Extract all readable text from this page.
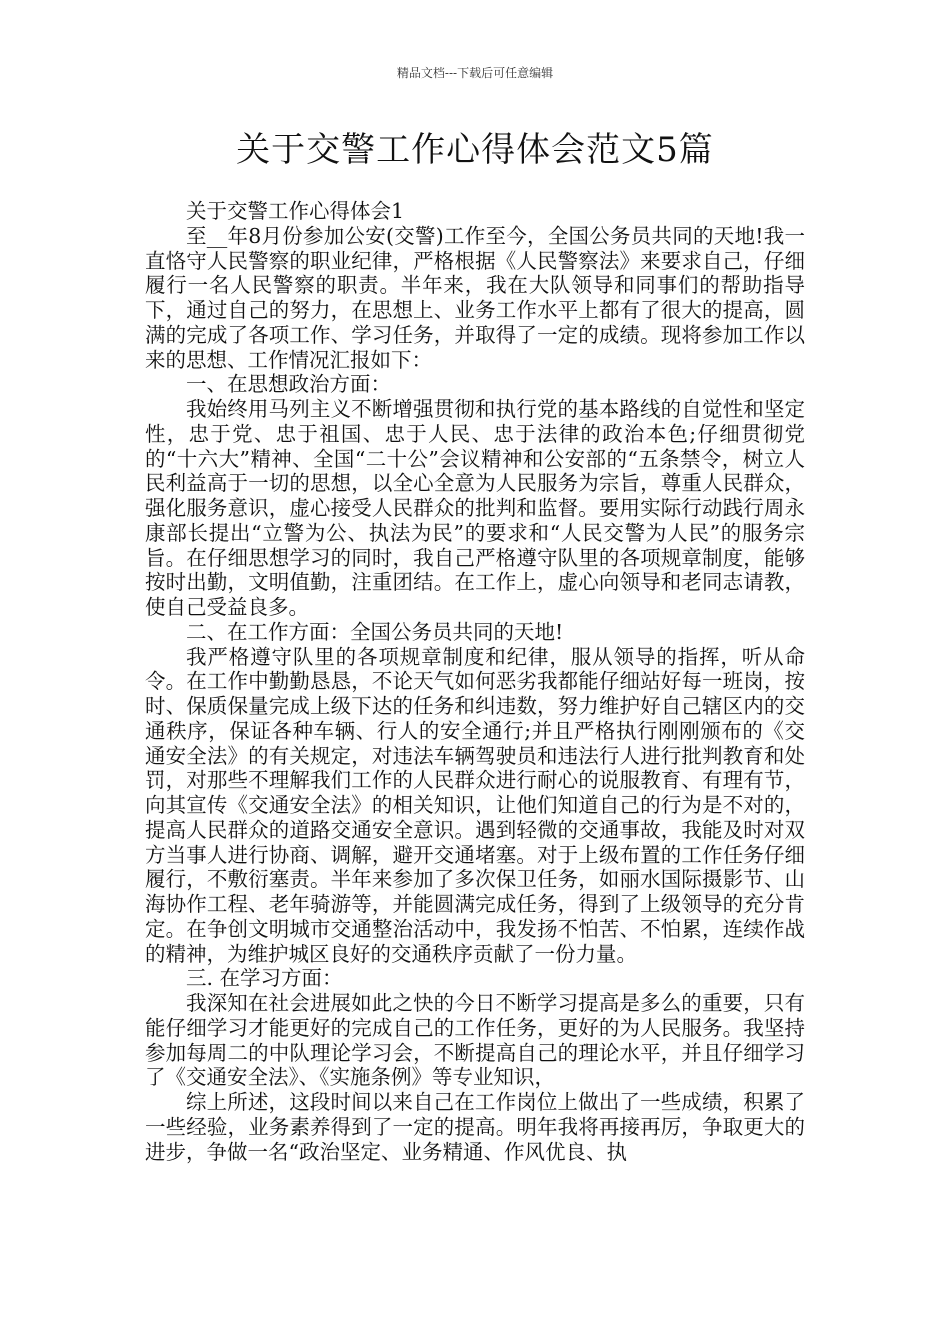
精品文档---下载后可任意编辑
关于交警工作心得体会范文5篇

关于交警工作心得体会1

至__年8月份参加公安(交警)工作至今，全国公务员共同的天地!我一直恪守人民警察的职业纪律，严格根据《人民警察法》来要求自己，仔细履行一名人民警察的职责。半年来，我在大队领导和同事们的帮助指导下，通过自己的努力，在思想上、业务工作水平上都有了很大的提高，圆满的完成了各项工作、学习任务，并取得了一定的成绩。现将参加工作以来的思想、工作情况汇报如下：

一、在思想政治方面：

我始终用马列主义不断增强贯彻和执行党的基本路线的自觉性和坚定性，忠于党、忠于祖国、忠于人民、忠于法律的政治本色;仔细贯彻党的“十六大”精神、全国“二十公”会议精神和公安部的“五条禁令，树立人民利益高于一切的思想，以全心全意为人民服务为宗旨，尊重人民群众，强化服务意识，虚心接受人民群众的批判和监督。要用实际行动践行周永康部长提出“立警为公、执法为民”的要求和“人民交警为人民”的服务宗旨。在仔细思想学习的同时，我自己严格遵守队里的各项规章制度，能够按时出勤，文明值勤，注重团结。在工作上，虚心向领导和老同志请教，使自己受益良多。

二、在工作方面：全国公务员共同的天地!

我严格遵守队里的各项规章制度和纪律，服从领导的指挥，听从命令。在工作中勤勤恳恳，不论天气如何恶劣我都能仔细站好每一班岗，按时、保质保量完成上级下达的任务和纠违数，努力维护好自己辖区内的交通秩序，保证各种车辆、行人的安全通行;并且严格执行刚刚颁布的《交通安全法》的有关规定，对违法车辆驾驶员和违法行人进行批判教育和处罚，对那些不理解我们工作的人民群众进行耐心的说服教育、有理有节，向其宣传《交通安全法》的相关知识，让他们知道自己的行为是不对的，提高人民群众的道路交通安全意识。遇到轻微的交通事故，我能及时对双方当事人进行协商、调解，避开交通堵塞。对于上级布置的工作任务仔细履行，不敷衍塞责。半年来参加了多次保卫任务，如丽水国际摄影节、山海协作工程、老年骑游等，并能圆满完成任务，得到了上级领导的充分肯定。在争创文明城市交通整治活动中，我发扬不怕苦、不怕累，连续作战的精神，为维护城区良好的交通秩序贡献了一份力量。

三. 在学习方面：

我深知在社会进展如此之快的今日不断学习提高是多么的重要，只有能仔细学习才能更好的完成自己的工作任务，更好的为人民服务。我坚持参加每周二的中队理论学习会，不断提高自己的理论水平，并且仔细学习了《交通安全法》、《实施条例》等专业知识，

综上所述，这段时间以来自己在工作岗位上做出了一些成绩，积累了一些经验，业务素养得到了一定的提高。明年我将再接再厉，争取更大的进步，争做一名“政治坚定、业务精通、作风优良、执
